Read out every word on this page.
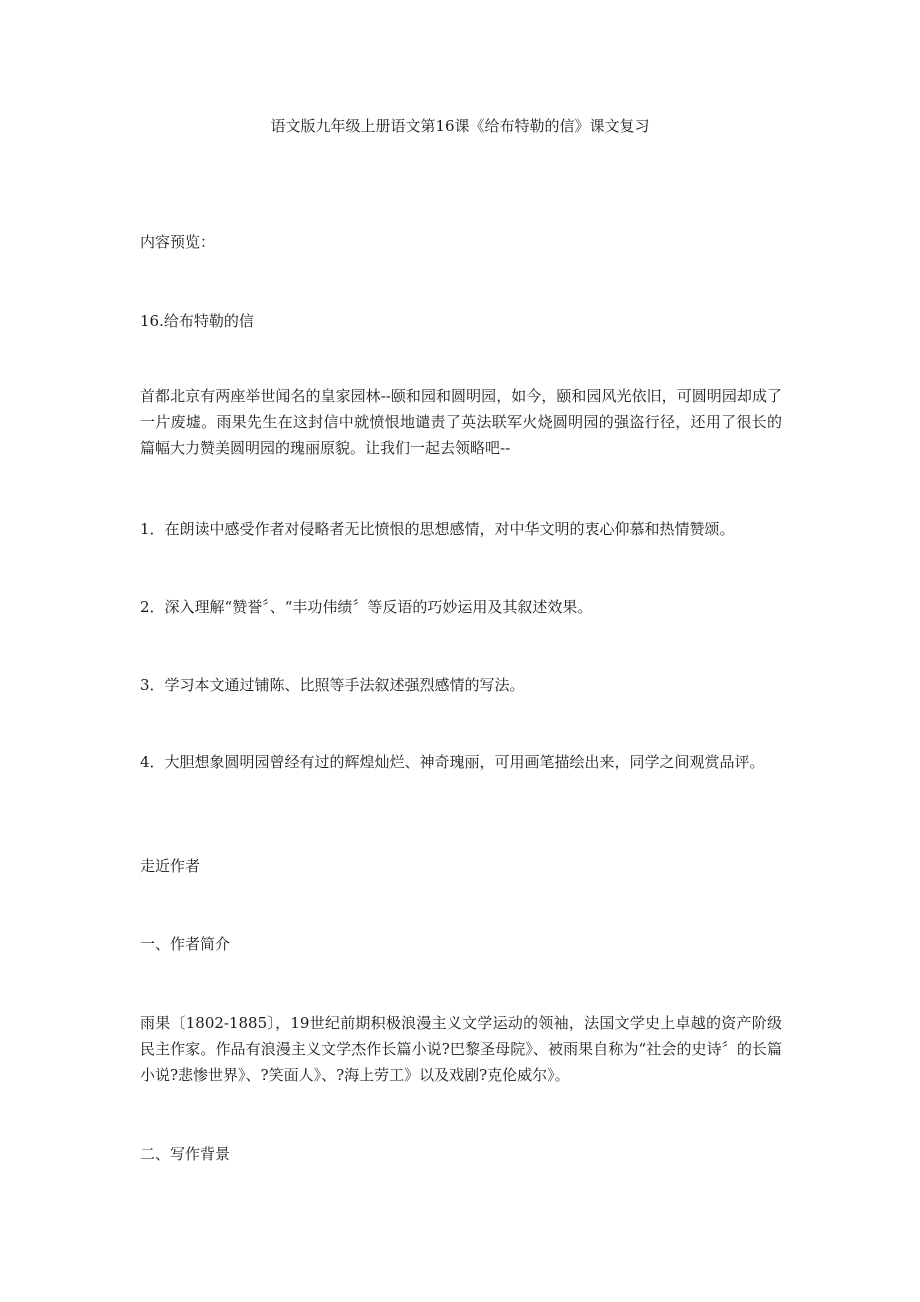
语文版九年级上册语文第16课《给布特勒的信》课文复习

内容预览：

16.给布特勒的信

首都北京有两座举世闻名的皇家园林--颐和园和圆明园，如今，颐和园风光依旧，可圆明园却成了一片废墟。雨果先生在这封信中就愤恨地谴责了英法联军火烧圆明园的强盗行径，还用了很长的篇幅大力赞美圆明园的瑰丽原貌。让我们一起去领略吧--

1．在朗读中感受作者对侵略者无比愤恨的思想感情，对中华文明的衷心仰慕和热情赞颂。

2．深入理解“赞誉〞、“丰功伟绩〞等反语的巧妙运用及其叙述效果。

3．学习本文通过铺陈、比照等手法叙述强烈感情的写法。

4．大胆想象圆明园曾经有过的辉煌灿烂、神奇瑰丽，可用画笔描绘出来，同学之间观赏品评。

走近作者

一、作者简介

雨果〔1802-1885〕，19世纪前期积极浪漫主义文学运动的领袖，法国文学史上卓越的资产阶级民主作家。作品有浪漫主义文学杰作长篇小说?巴黎圣母院》、被雨果自称为“社会的史诗〞的长篇小说?悲惨世界》、?笑面人》、?海上劳工》以及戏剧?克伦威尔》。

二、写作背景
